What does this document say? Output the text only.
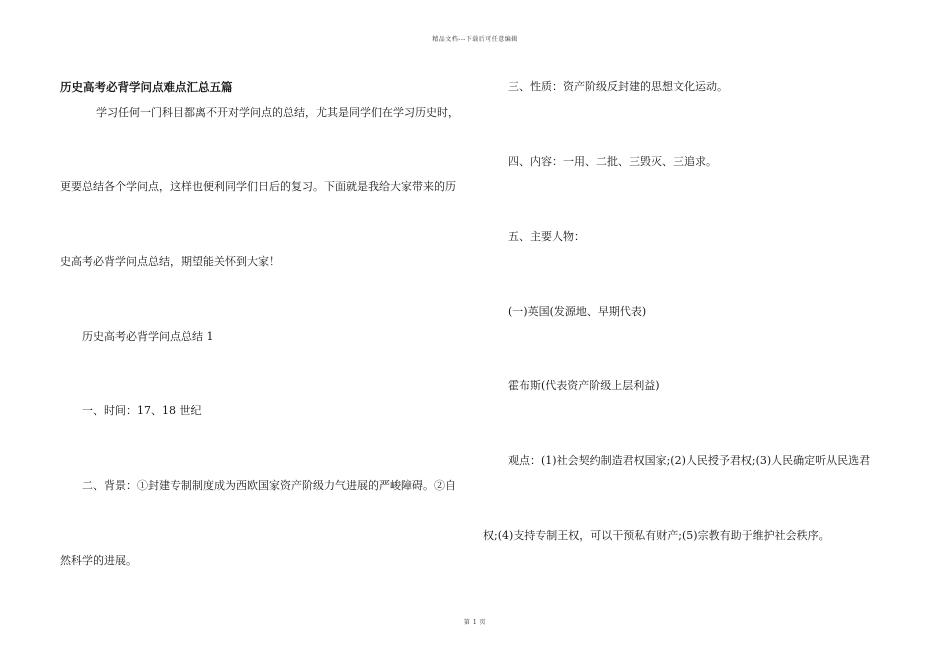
精品文档---下载后可任意编辑
历史高考必背学问点难点汇总五篇
学习任何一门科目都离不开对学问点的总结，尤其是同学们在学习历史时，
更要总结各个学问点，这样也便利同学们日后的复习。下面就是我给大家带来的历
史高考必背学问点总结，期望能关怀到大家！
历史高考必背学问点总结 1
一、时间：17、18 世纪
二、背景：①封建专制制度成为西欧国家资产阶级力气进展的严峻障碍。②自
然科学的进展。
三、性质：资产阶级反封建的思想文化运动。
四、内容：一用、二批、三毁灭、三追求。
五、主要人物：
(一)英国(发源地、早期代表)
霍布斯(代表资产阶级上层利益)
观点：(1)社会契约制造君权国家;(2)人民授予君权;(3)人民确定听从民选君
权;(4)支持专制王权，可以干预私有财产;(5)宗教有助于维护社会秩序。
第 1 页
